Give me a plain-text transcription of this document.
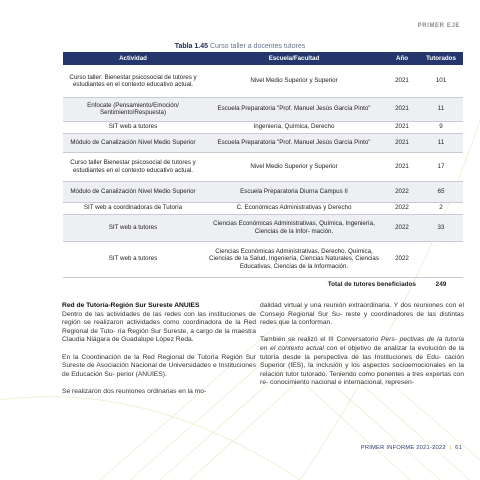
PRIMER EJE
Tabla 1.45 Curso taller a docentes tutores
Actividad	Escuela/Facultad	Año	Tutorados
Curso taller: Bienestar psicosocial de tutores y estudiantes en el contexto educativo actual.	Nivel Medio Superior y Superior	2021	101
Enfocate (Pensamiento/Emoción/ Sentimiento/Respuesta)	Escuela Preparatoria "Prof. Manuel Jesús García Pinto"	2021	11
SIT web a tutores	Ingeniería, Química, Derecho	2021	9
Módulo de Canalización Nivel Medio Superior	Escuela Preparatoria "Prof. Manuel Jesús García Pinto"	2021	11
Curso taller Bienestar psicosocial de tutores y estudiantes en el contexto educativo actual.	Nivel Medio Superior y Superior	2021	17
Módulo de Canalización Nivel Medio Superior	Escuela Preparatoria Diurna Campus II	2022	65
SIT web a coordinadoras de Tutoría	C. Económicas Administrativas y Derecho	2022	2
SIT web a tutores	Ciencias Económicas Administrativas, Química, Ingeniería, Ciencias de la Infor- mación.	2022	33
SIT web a tutores	Ciencias Económicas Administrativas, Derecho, Química, Ciencias de la Salud, Ingeniería, Ciencias Naturales, Ciencias Educativas, Ciencias de la Información.	2022	
Total de tutores beneficiados			249

Red de Tutoría-Región Sur Sureste ANUIES

Dentro de las actividades de las redes con las instituciones de región se realizaron actividades como coordinadora de la Red Regional de Tuto- ría Región Sur Sureste, a cargo de la maestra Claudia Niágara de Guadalupe López Reda.

En la Coordinación de la Red Regional de Tutoría Región Sur Sureste de Asociación Nacional de Universidades e Instituciones de Educación Su- perior (ANUIES).

Se realizaron dos reuniones ordinarias en la mo-

dalidad virtual y una reunión extraordinaria. Y dos reuniones con el Consejo Regional Sur Su- reste y coordinadores de las distintas redes que la conforman.

También se realizó el III Conversatorio Pers- pectivas de la tutoría en el contexto actual con el objetivo de analizar la evolución de la tutoría desde la perspectiva de las Instituciones de Edu- cación Superior (IES), la inclusión y los aspectos socioemocionales en la relación tutor tutorado. Teniendo como ponentes a tres expertas con re- conocimiento nacional e internacional, represen-

PRIMER INFORME 2021-2022 | 61
